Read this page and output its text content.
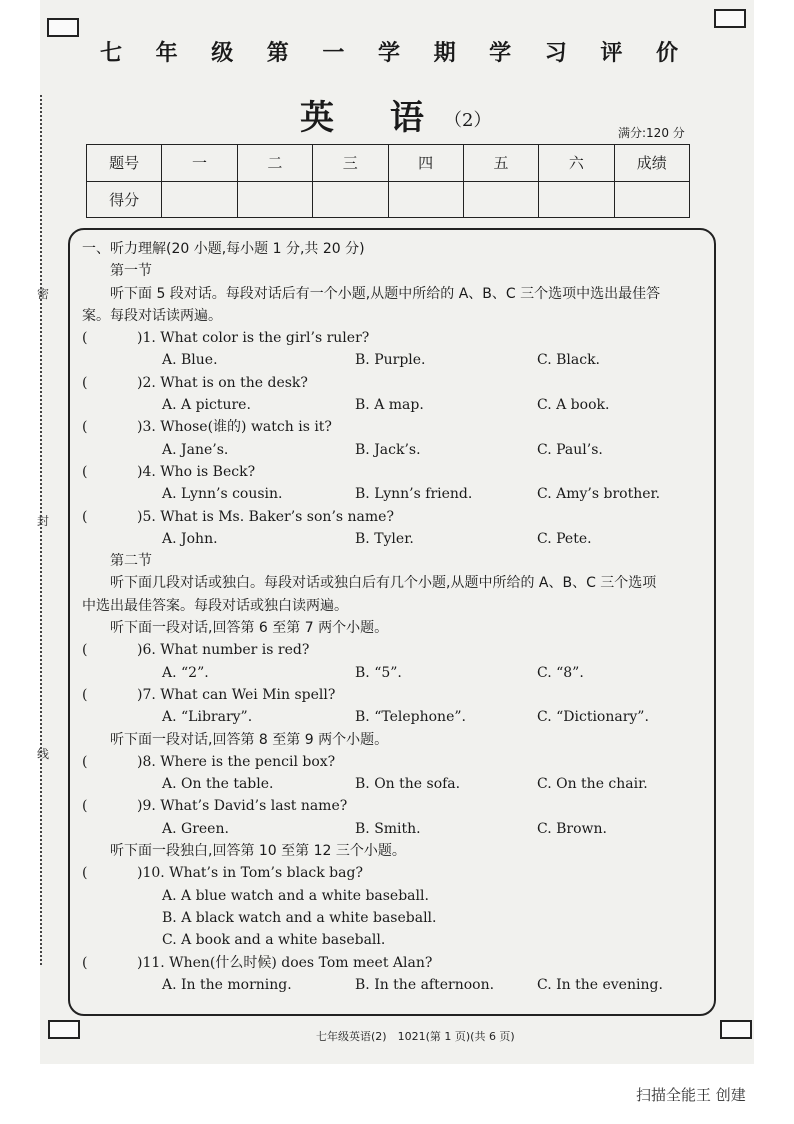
密
封
线
七 年 级 第 一 学 期 学 习 评 价
英 语
（2）
满分:120 分
题号	一	二	三	四	五	六	成绩
得分							
一、听力理解(20 小题,每小题 1 分,共 20 分)
第一节
听下面 5 段对话。每段对话后有一个小题,从题中所给的 A、B、C 三个选项中选出最佳答
案。每段对话读两遍。
(	)1. What color is the girl’s ruler?
A. Blue.	B. Purple.	C. Black.
(	)2. What is on the desk?
A. A picture.	B. A map.	C. A book.
(	)3. Whose(谁的) watch is it?
A. Jane’s.	B. Jack’s.	C. Paul’s.
(	)4. Who is Beck?
A. Lynn’s cousin.	B. Lynn’s friend.	C. Amy’s brother.
(	)5. What is Ms. Baker’s son’s name?
A. John.	B. Tyler.	C. Pete.
第二节
听下面几段对话或独白。每段对话或独白后有几个小题,从题中所给的 A、B、C 三个选项
中选出最佳答案。每段对话或独白读两遍。
听下面一段对话,回答第 6 至第 7 两个小题。
(	)6. What number is red?
A. “2”.	B. “5”.	C. “8”.
(	)7. What can Wei Min spell?
A. “Library”.	B. “Telephone”.	C. “Dictionary”.
听下面一段对话,回答第 8 至第 9 两个小题。
(	)8. Where is the pencil box?
A. On the table.	B. On the sofa.	C. On the chair.
(	)9. What’s David’s last name?
A. Green.	B. Smith.	C. Brown.
听下面一段独白,回答第 10 至第 12 三个小题。
(	)10. What’s in Tom’s black bag?
A. A blue watch and a white baseball.
B. A black watch and a white baseball.
C. A book and a white baseball.
(	)11. When(什么时候) does Tom meet Alan?
A. In the morning.	B. In the afternoon.	C. In the evening.
七年级英语(2)　1021(第 1 页)(共 6 页)
扫描全能王 创建
